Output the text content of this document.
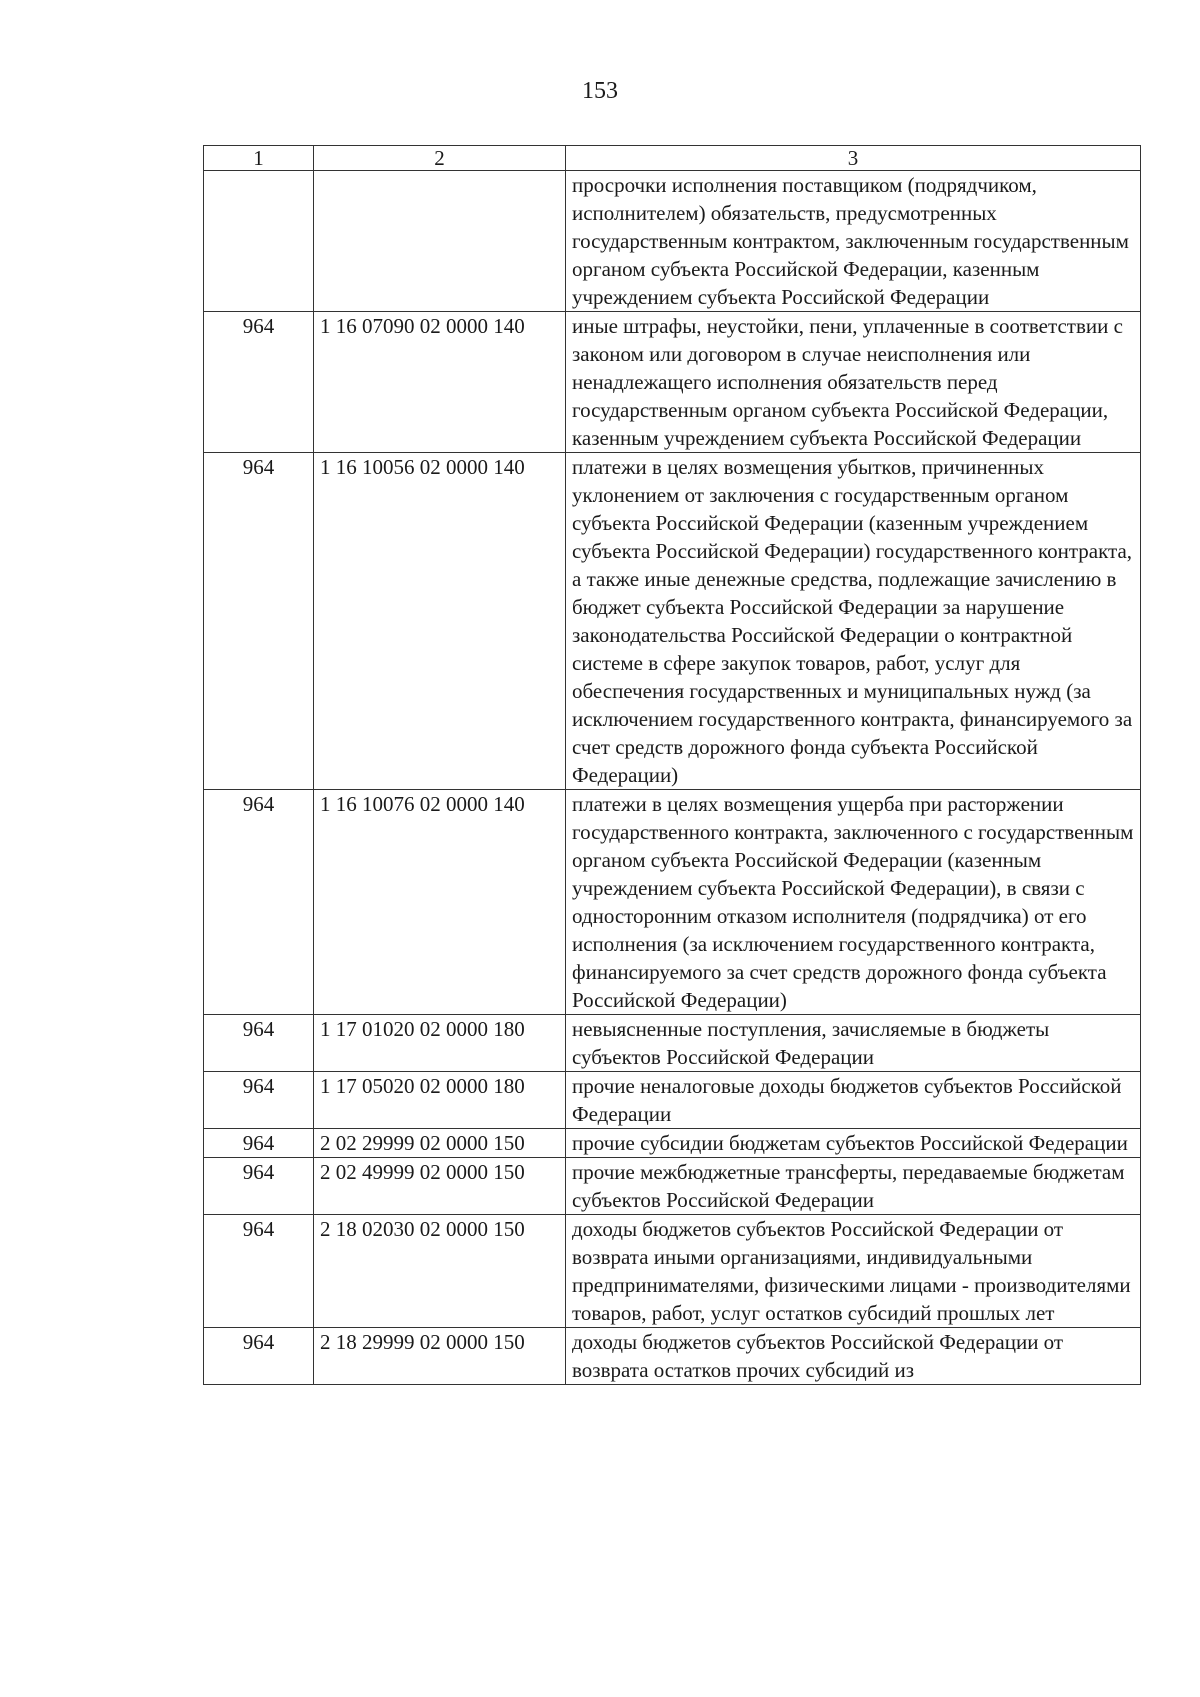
153
1	2	3
		просрочки исполнения поставщиком (подрядчиком, исполнителем) обязательств, предусмотренных государственным контрактом, заключенным государственным органом субъекта Российской Федерации, казенным учреждением субъекта Российской Федерации
964	1 16 07090 02 0000 140	иные штрафы, неустойки, пени, уплаченные в соответствии с законом или договором в случае неисполнения или ненадлежащего исполнения обязательств перед государственным органом субъекта Российской Федерации, казенным учреждением субъекта Российской Федерации
964	1 16 10056 02 0000 140	платежи в целях возмещения убытков, причиненных уклонением от заключения с государственным органом субъекта Российской Федерации (казенным учреждением субъекта Российской Федерации) государственного контракта, а также иные денежные средства, подлежащие зачислению в бюджет субъекта Российской Федерации за нарушение законодательства Российской Федерации о контрактной системе в сфере закупок товаров, работ, услуг для обеспечения государственных и муниципальных нужд (за исключением государственного контракта, финансируемого за счет средств дорожного фонда субъекта Российской Федерации)
964	1 16 10076 02 0000 140	платежи в целях возмещения ущерба при расторжении государственного контракта, заключенного с государственным органом субъекта Российской Федерации (казенным учреждением субъекта Российской Федерации), в связи с односторонним отказом исполнителя (подрядчика) от его исполнения (за исключением государственного контракта, финансируемого за счет средств дорожного фонда субъекта Российской Федерации)
964	1 17 01020 02 0000 180	невыясненные поступления, зачисляемые в бюджеты субъектов Российской Федерации
964	1 17 05020 02 0000 180	прочие неналоговые доходы бюджетов субъектов Российской Федерации
964	2 02 29999 02 0000 150	прочие субсидии бюджетам субъектов Российской Федерации
964	2 02 49999 02 0000 150	прочие межбюджетные трансферты, передаваемые бюджетам субъектов Российской Федерации
964	2 18 02030 02 0000 150	доходы бюджетов субъектов Российской Федерации от возврата иными организациями, индивидуальными предпринимателями, физическими лицами - производителями товаров, работ, услуг остатков субсидий прошлых лет
964	2 18 29999 02 0000 150	доходы бюджетов субъектов Российской Федерации от возврата остатков прочих субсидий из
